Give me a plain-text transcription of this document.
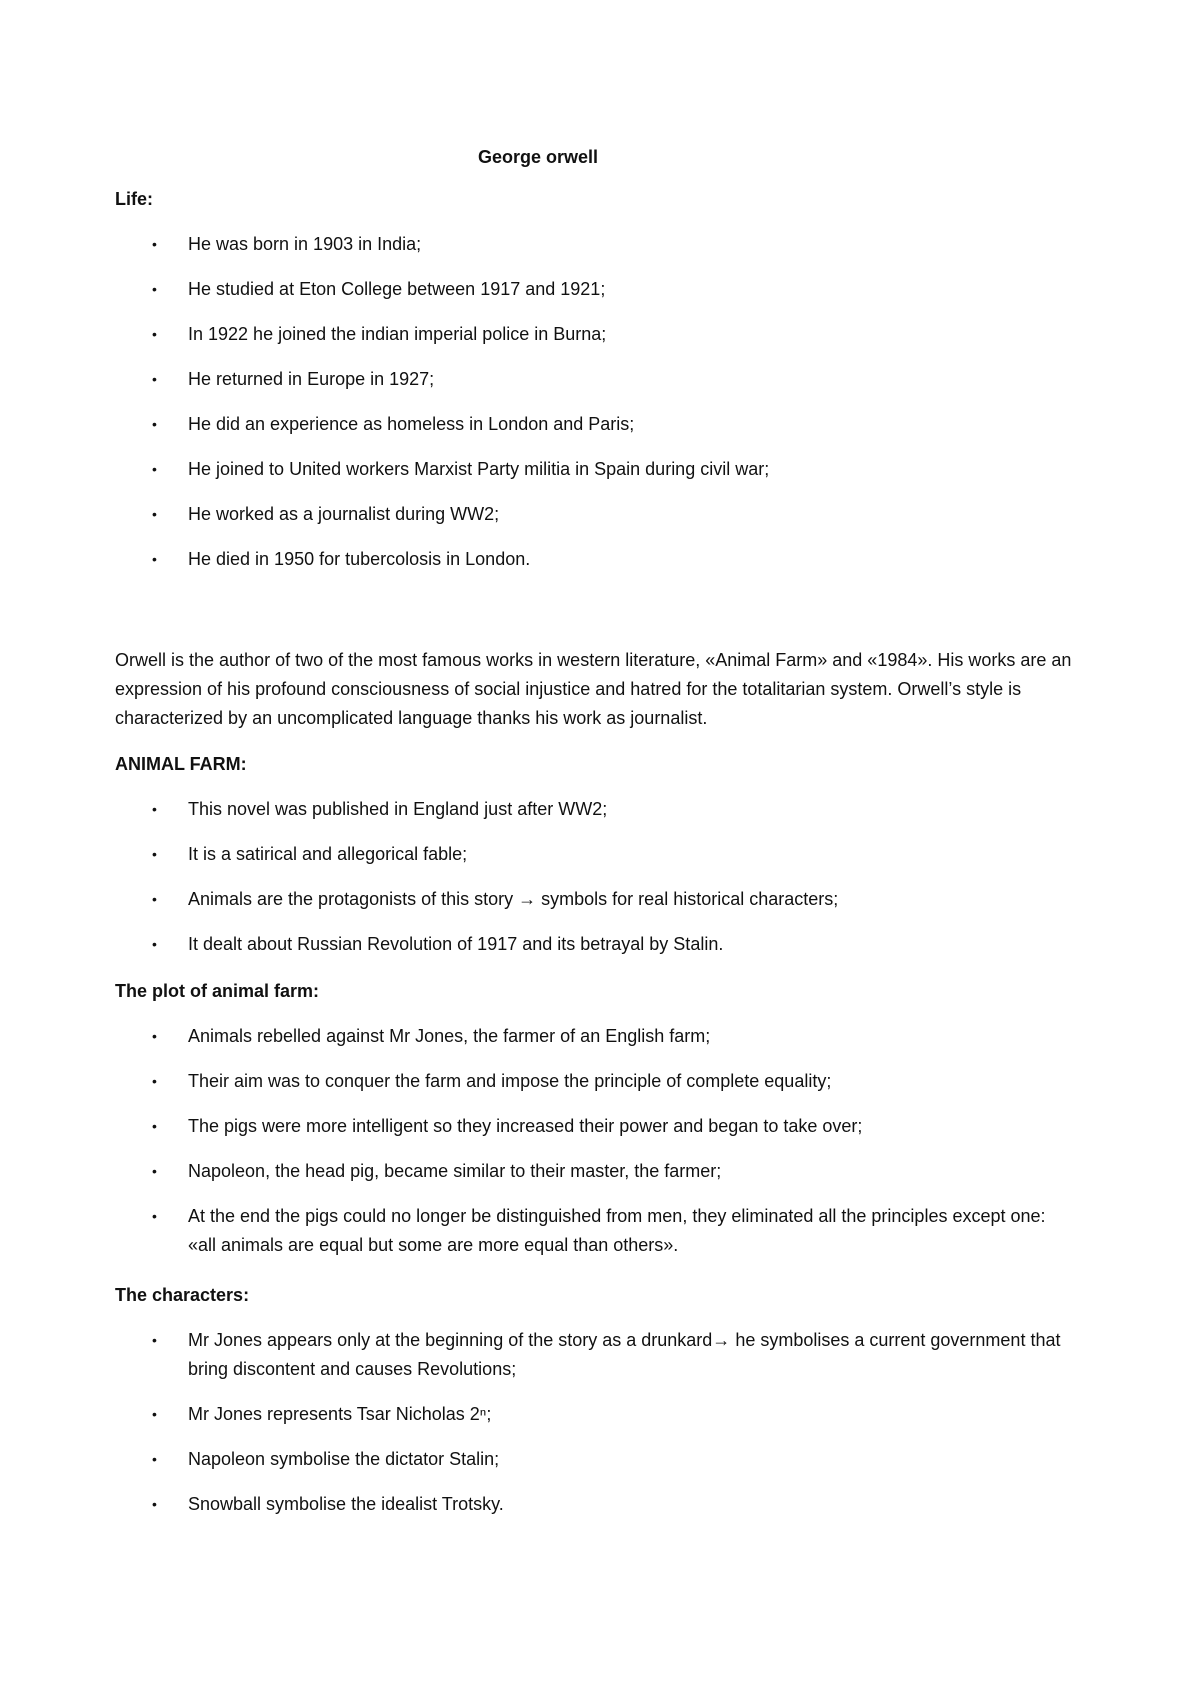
George orwell
Life:
• He was born in 1903 in India;
• He studied at Eton College between 1917 and 1921;
• In 1922 he joined the indian imperial police in Burna;
• He returned in Europe in 1927;
• He did an experience as homeless in London and Paris;
• He joined to United workers Marxist Party militia in Spain during civil war;
• He worked as a journalist during WW2;
• He died in 1950 for tubercolosis in London.
Orwell is the author of two of the most famous works in western literature, «Animal Farm» and «1984». His works are an expression of his profound consciousness of social injustice and hatred for the totalitarian system. Orwell’s style is characterized by an uncomplicated language thanks his work as journalist.
ANIMAL FARM:
• This novel was published in England just after WW2;
• It is a satirical and allegorical fable;
• Animals are the protagonists of this story → symbols for real historical characters;
• It dealt about Russian Revolution of 1917 and its betrayal by Stalin.
The plot of animal farm:
• Animals rebelled against Mr Jones, the farmer of an English farm;
• Their aim was to conquer the farm and impose the principle of complete equality;
• The pigs were more intelligent so they increased their power and began to take over;
• Napoleon, the head pig, became similar to their master, the farmer;
• At the end the pigs could no longer be distinguished from men, they eliminated all the principles except one: «all animals are equal but some are more equal than others».
The characters:
• Mr Jones appears only at the beginning of the story as a drunkard→ he symbolises a current government that bring discontent and causes Revolutions;
• Mr Jones represents Tsar Nicholas 2ⁿ;
• Napoleon symbolise the dictator Stalin;
• Snowball symbolise the idealist Trotsky.
